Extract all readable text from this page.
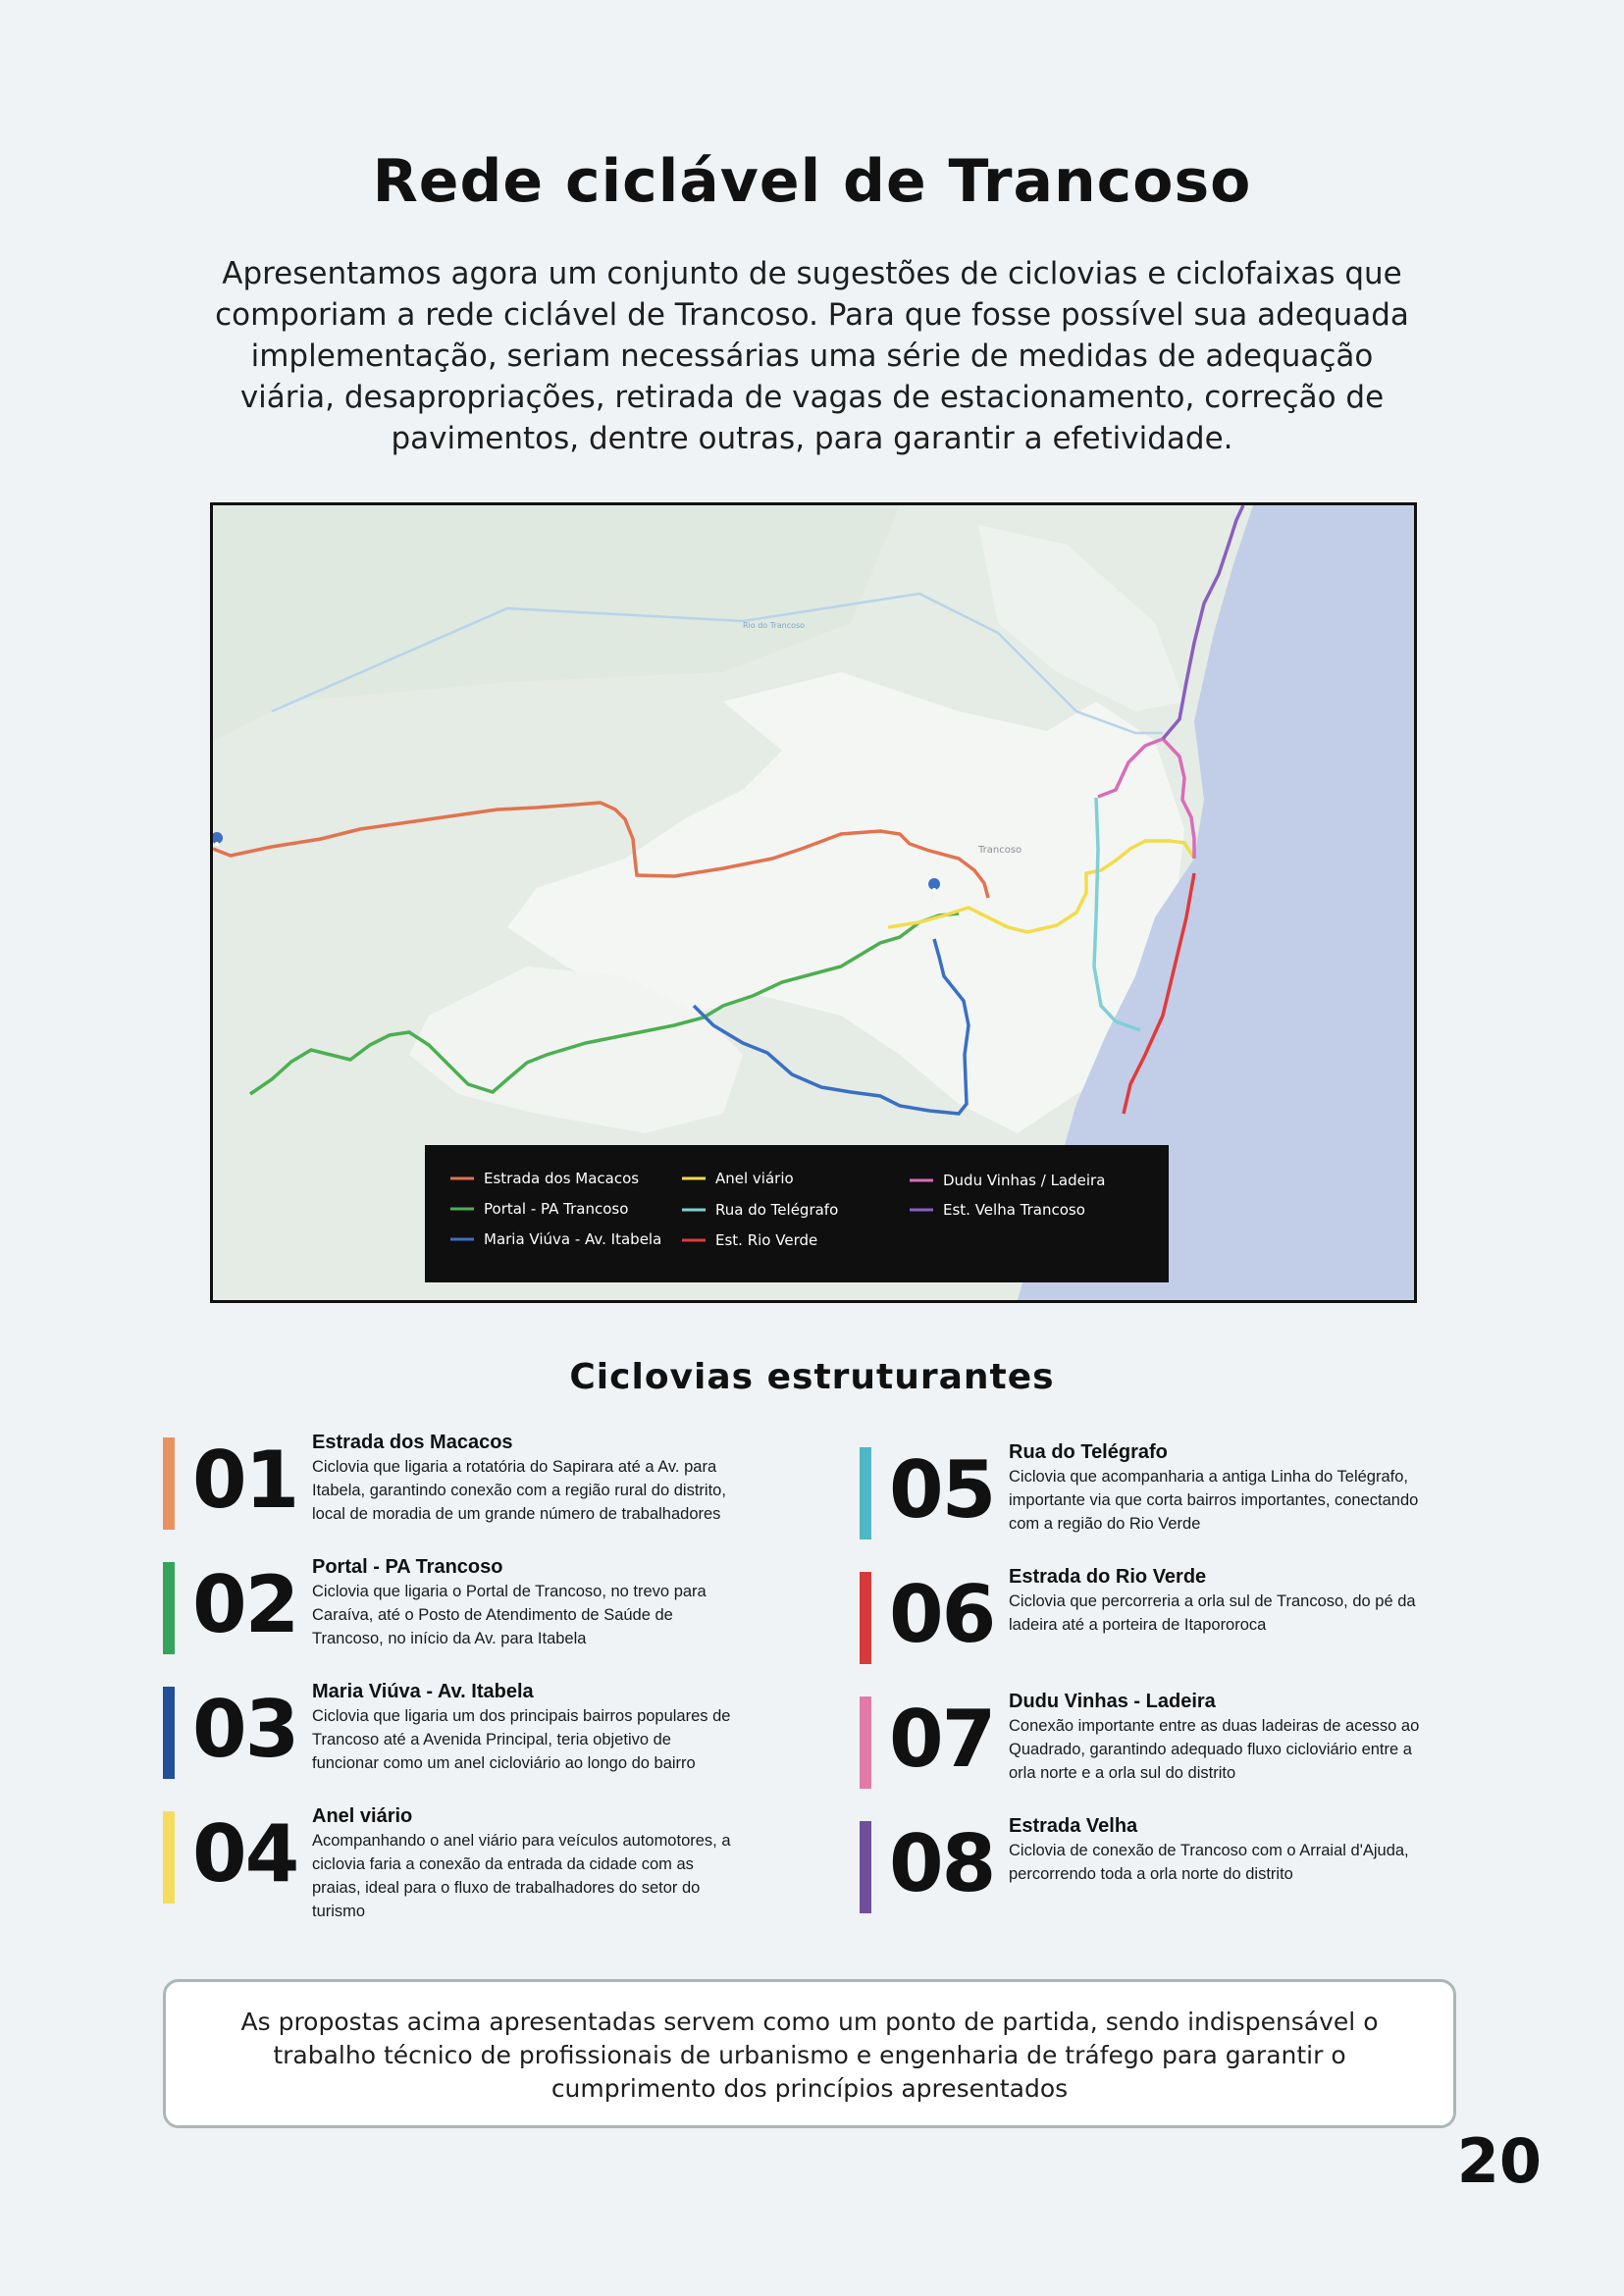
Rede ciclável de Trancoso
Apresentamos agora um conjunto de sugestões de ciclovias e ciclofaixas que comporiam a rede ciclável de Trancoso. Para que fosse possível sua adequada implementação, seriam necessárias uma série de medidas de adequação viária, desapropriações, retirada de vagas de estacionamento, correção de pavimentos, dentre outras, para garantir a efetividade.
Rio do Trancoso
Trancoso
Estrada dos Macacos
Portal - PA Trancoso
Maria Viúva - Av. Itabela
Anel viário
Rua do Telégrafo
Est. Rio Verde
Dudu Vinhas / Ladeira
Est. Velha Trancoso
Ciclovias estruturantes
01 Estrada dos Macacos
Ciclovia que ligaria a rotatória do Sapirara até a Av. para Itabela, garantindo conexão com a região rural do distrito, local de moradia de um grande número de trabalhadores
02 Portal - PA Trancoso
Ciclovia que ligaria o Portal de Trancoso, no trevo para Caraíva, até o Posto de Atendimento de Saúde de Trancoso, no início da Av. para Itabela
03 Maria Viúva - Av. Itabela
Ciclovia que ligaria um dos principais bairros populares de Trancoso até a Avenida Principal, teria objetivo de funcionar como um anel cicloviário ao longo do bairro
04 Anel viário
Acompanhando o anel viário para veículos automotores, a ciclovia faria a conexão da entrada da cidade com as praias, ideal para o fluxo de trabalhadores do setor do turismo
05 Rua do Telégrafo
Ciclovia que acompanharia a antiga Linha do Telégrafo, importante via que corta bairros importantes, conectando com a região do Rio Verde
06 Estrada do Rio Verde
Ciclovia que percorreria a orla sul de Trancoso, do pé da ladeira até a porteira de Itapororoca
07 Dudu Vinhas - Ladeira
Conexão importante entre as duas ladeiras de acesso ao Quadrado, garantindo adequado fluxo cicloviário entre a orla norte e a orla sul do distrito
08 Estrada Velha
Ciclovia de conexão de Trancoso com o Arraial d'Ajuda, percorrendo toda a orla norte do distrito
As propostas acima apresentadas servem como um ponto de partida, sendo indispensável o trabalho técnico de profissionais de urbanismo e engenharia de tráfego para garantir o cumprimento dos princípios apresentados
20
